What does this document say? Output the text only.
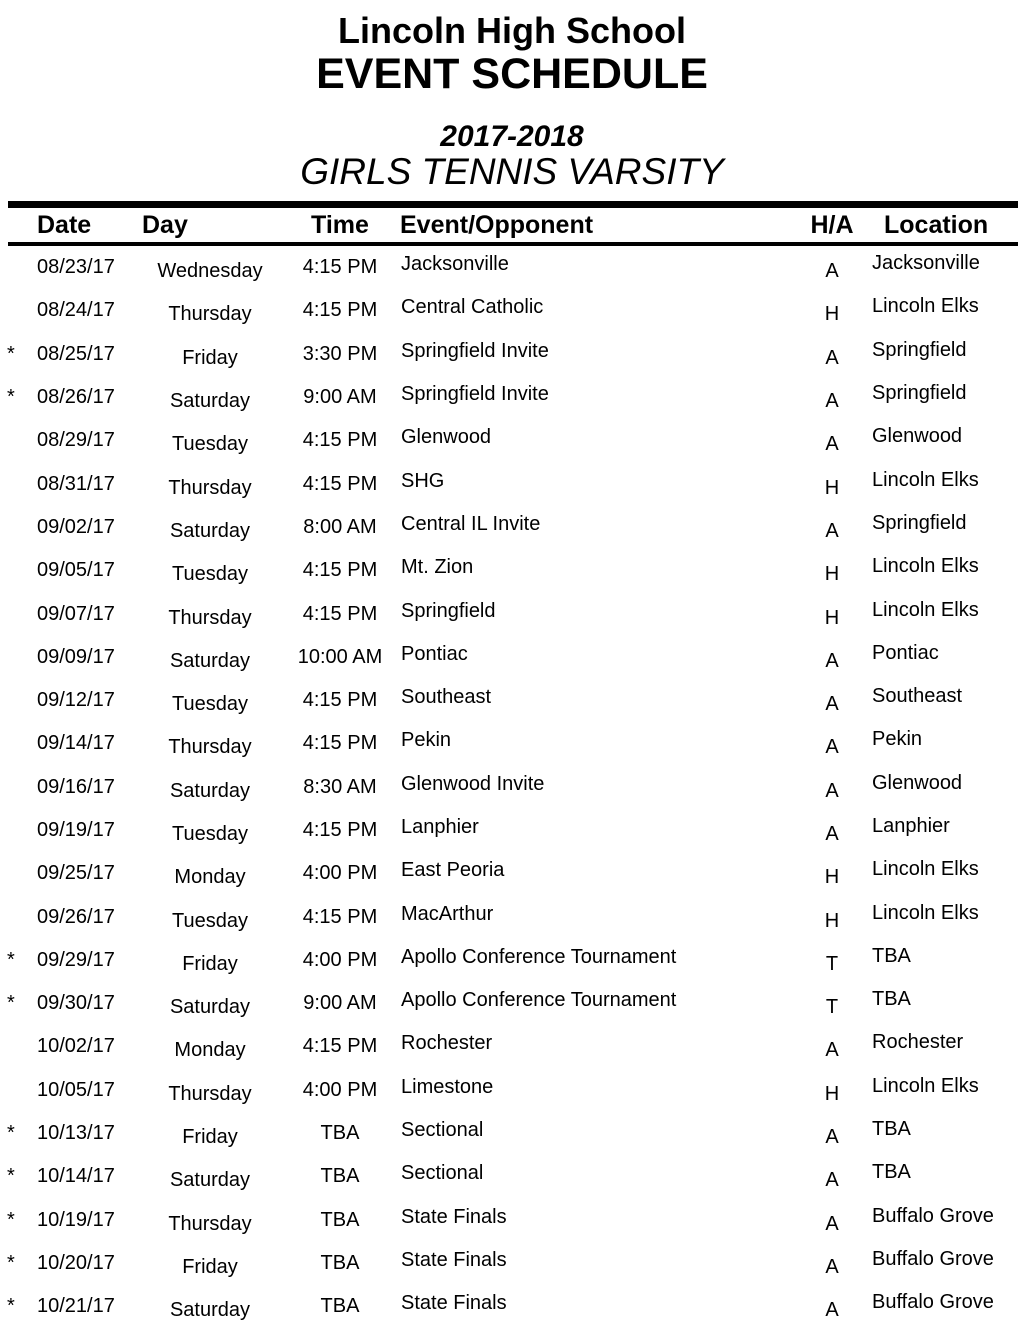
Lincoln High School
EVENT SCHEDULE
2017-2018
GIRLS TENNIS VARSITY
Date	Day	Time	Event/Opponent	H/A	Location
08/23/17	Wednesday	4:15 PM	Jacksonville	A	Jacksonville
08/24/17	Thursday	4:15 PM	Central Catholic	H	Lincoln Elks
*	08/25/17	Friday	3:30 PM	Springfield Invite	A	Springfield
*	08/26/17	Saturday	9:00 AM	Springfield Invite	A	Springfield
08/29/17	Tuesday	4:15 PM	Glenwood	A	Glenwood
08/31/17	Thursday	4:15 PM	SHG	H	Lincoln Elks
09/02/17	Saturday	8:00 AM	Central IL Invite	A	Springfield
09/05/17	Tuesday	4:15 PM	Mt. Zion	H	Lincoln Elks
09/07/17	Thursday	4:15 PM	Springfield	H	Lincoln Elks
09/09/17	Saturday	10:00 AM Pontiac	A	Pontiac
09/12/17	Tuesday	4:15 PM	Southeast	A	Southeast
09/14/17	Thursday	4:15 PM	Pekin	A	Pekin
09/16/17	Saturday	8:30 AM	Glenwood Invite	A	Glenwood
09/19/17	Tuesday	4:15 PM	Lanphier	A	Lanphier
09/25/17	Monday	4:00 PM	East Peoria	H	Lincoln Elks
09/26/17	Tuesday	4:15 PM	MacArthur	H	Lincoln Elks
*	09/29/17	Friday	4:00 PM	Apollo Conference Tournament	T	TBA
*	09/30/17	Saturday	9:00 AM	Apollo Conference Tournament	T	TBA
10/02/17	Monday	4:15 PM	Rochester	A	Rochester
10/05/17	Thursday	4:00 PM	Limestone	H	Lincoln Elks
*	10/13/17	Friday	TBA	Sectional	A	TBA
*	10/14/17	Saturday	TBA	Sectional	A	TBA
*	10/19/17	Thursday	TBA	State Finals	A	Buffalo Grove
*	10/20/17	Friday	TBA	State Finals	A	Buffalo Grove
*	10/21/17	Saturday	TBA	State Finals	A	Buffalo Grove
